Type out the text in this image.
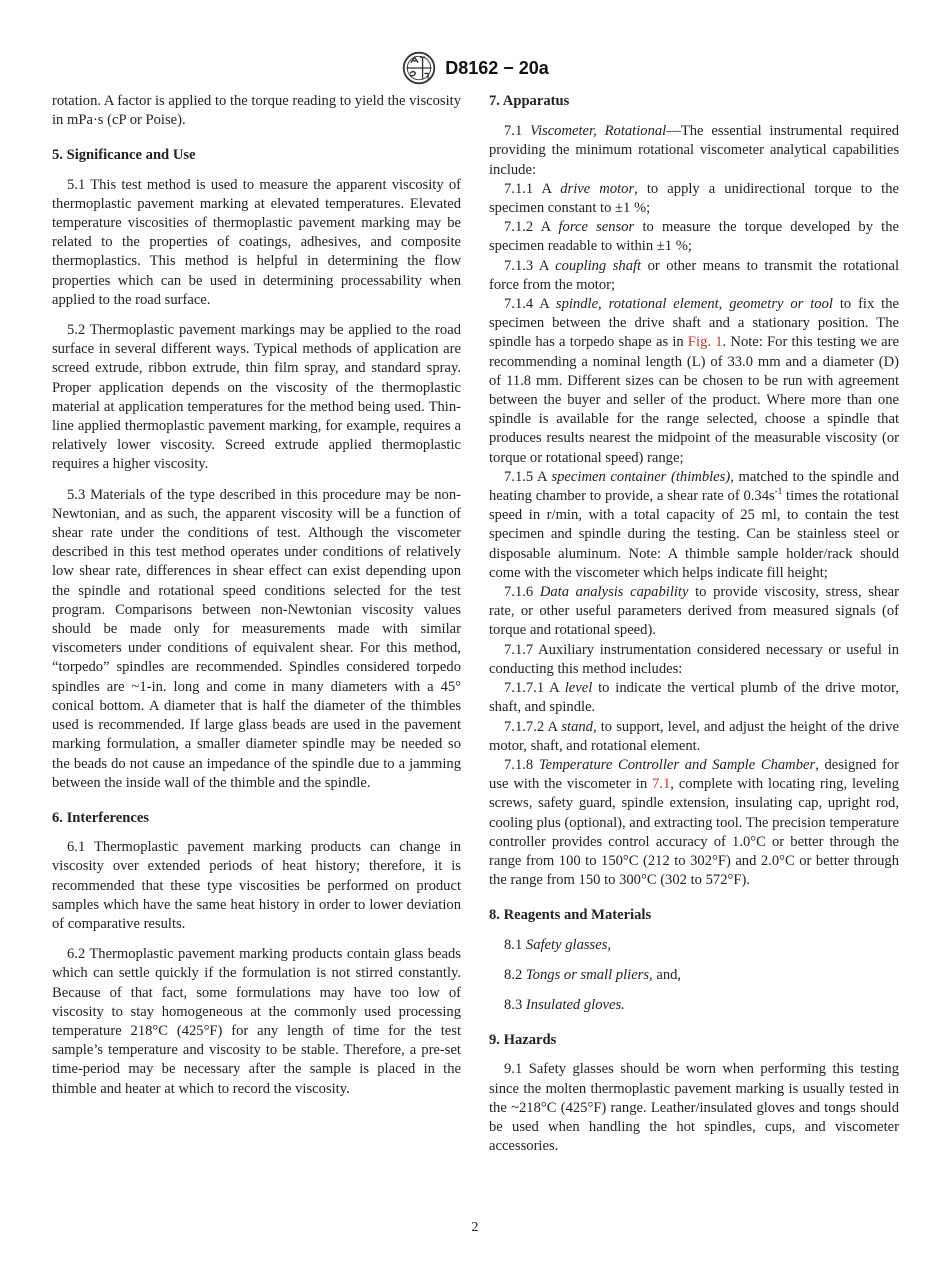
D8162 − 20a

rotation. A factor is applied to the torque reading to yield the viscosity in mPa·s (cP or Poise).

5. Significance and Use

5.1 This test method is used to measure the apparent viscosity of thermoplastic pavement marking at elevated temperatures. Elevated temperature viscosities of thermoplastic pavement marking may be related to the properties of coatings, adhesives, and composite thermoplastics. This method is helpful in determining the flow properties which can be used in determining processability when applied to the road surface.

5.2 Thermoplastic pavement markings may be applied to the road surface in several different ways. Typical methods of application are screed extrude, ribbon extrude, thin film spray, and standard spray. Proper application depends on the viscosity of the thermoplastic material at application temperatures for the method being used. Thin-line applied thermoplastic pavement marking, for example, requires a relatively lower viscosity. Screed extrude applied thermoplastic requires a higher viscosity.

5.3 Materials of the type described in this procedure may be non-Newtonian, and as such, the apparent viscosity will be a function of shear rate under the conditions of test. Although the viscometer described in this test method operates under conditions of relatively low shear rate, differences in shear effect can exist depending upon the spindle and rotational speed conditions selected for the test program. Comparisons between non-Newtonian viscosity values should be made only for measurements made with similar viscometers under conditions of equivalent shear. For this method, “torpedo” spindles are recommended. Spindles considered torpedo spindles are ~1-in. long and come in many diameters with a 45° conical bottom. A diameter that is half the diameter of the thimbles used is recommended. If large glass beads are used in the pavement marking formulation, a smaller diameter spindle may be needed so the beads do not cause an impedance of the spindle due to a jamming between the inside wall of the thimble and the spindle.

6. Interferences

6.1 Thermoplastic pavement marking products can change in viscosity over extended periods of heat history; therefore, it is recommended that these type viscosities be performed on product samples which have the same heat history in order to lower deviation of comparative results.

6.2 Thermoplastic pavement marking products contain glass beads which can settle quickly if the formulation is not stirred constantly. Because of that fact, some formulations may have too low of viscosity to stay homogeneous at the commonly used processing temperature 218°C (425°F) for any length of time for the test sample’s temperature and viscosity to be stable. Therefore, a pre-set time-period may be necessary after the sample is placed in the thimble and heater at which to record the viscosity.

7. Apparatus

7.1 Viscometer, Rotational—The essential instrumental required providing the minimum rotational viscometer analytical capabilities include:

7.1.1 A drive motor, to apply a unidirectional torque to the specimen constant to ±1 %;

7.1.2 A force sensor to measure the torque developed by the specimen readable to within ±1 %;

7.1.3 A coupling shaft or other means to transmit the rotational force from the motor;

7.1.4 A spindle, rotational element, geometry or tool to fix the specimen between the drive shaft and a stationary position. The spindle has a torpedo shape as in Fig. 1. Note: For this testing we are recommending a nominal length (L) of 33.0 mm and a diameter (D) of 11.8 mm. Different sizes can be chosen to be run with agreement between the buyer and seller of the product. Where more than one spindle is available for the range selected, choose a spindle that produces results nearest the midpoint of the measurable viscosity (or torque or rotational speed) range;

7.1.5 A specimen container (thimbles), matched to the spindle and heating chamber to provide, a shear rate of $0.34s^{-1}$ times the rotational speed in r/min, with a total capacity of 25 ml, to contain the test specimen and spindle during the testing. Can be stainless steel or disposable aluminum. Note: A thimble sample holder/rack should come with the viscometer which helps indicate fill height;

7.1.6 Data analysis capability to provide viscosity, stress, shear rate, or other useful parameters derived from measured signals (of torque and rotational speed).

7.1.7 Auxiliary instrumentation considered necessary or useful in conducting this method includes:

7.1.7.1 A level to indicate the vertical plumb of the drive motor, shaft, and spindle.

7.1.7.2 A stand, to support, level, and adjust the height of the drive motor, shaft, and rotational element.

7.1.8 Temperature Controller and Sample Chamber, designed for use with the viscometer in 7.1, complete with locating ring, leveling screws, safety guard, spindle extension, insulating cap, upright rod, cooling plus (optional), and extracting tool. The precision temperature controller provides control accuracy of 1.0°C or better through the range from 100 to 150°C (212 to 302°F) and 2.0°C or better through the range from 150 to 300°C (302 to 572°F).

8. Reagents and Materials

8.1 Safety glasses,

8.2 Tongs or small pliers, and,

8.3 Insulated gloves.

9. Hazards

9.1 Safety glasses should be worn when performing this testing since the molten thermoplastic pavement marking is usually tested in the ~218°C (425°F) range. Leather/insulated gloves and tongs should be used when handling the hot spindles, cups, and viscometer accessories.

2
